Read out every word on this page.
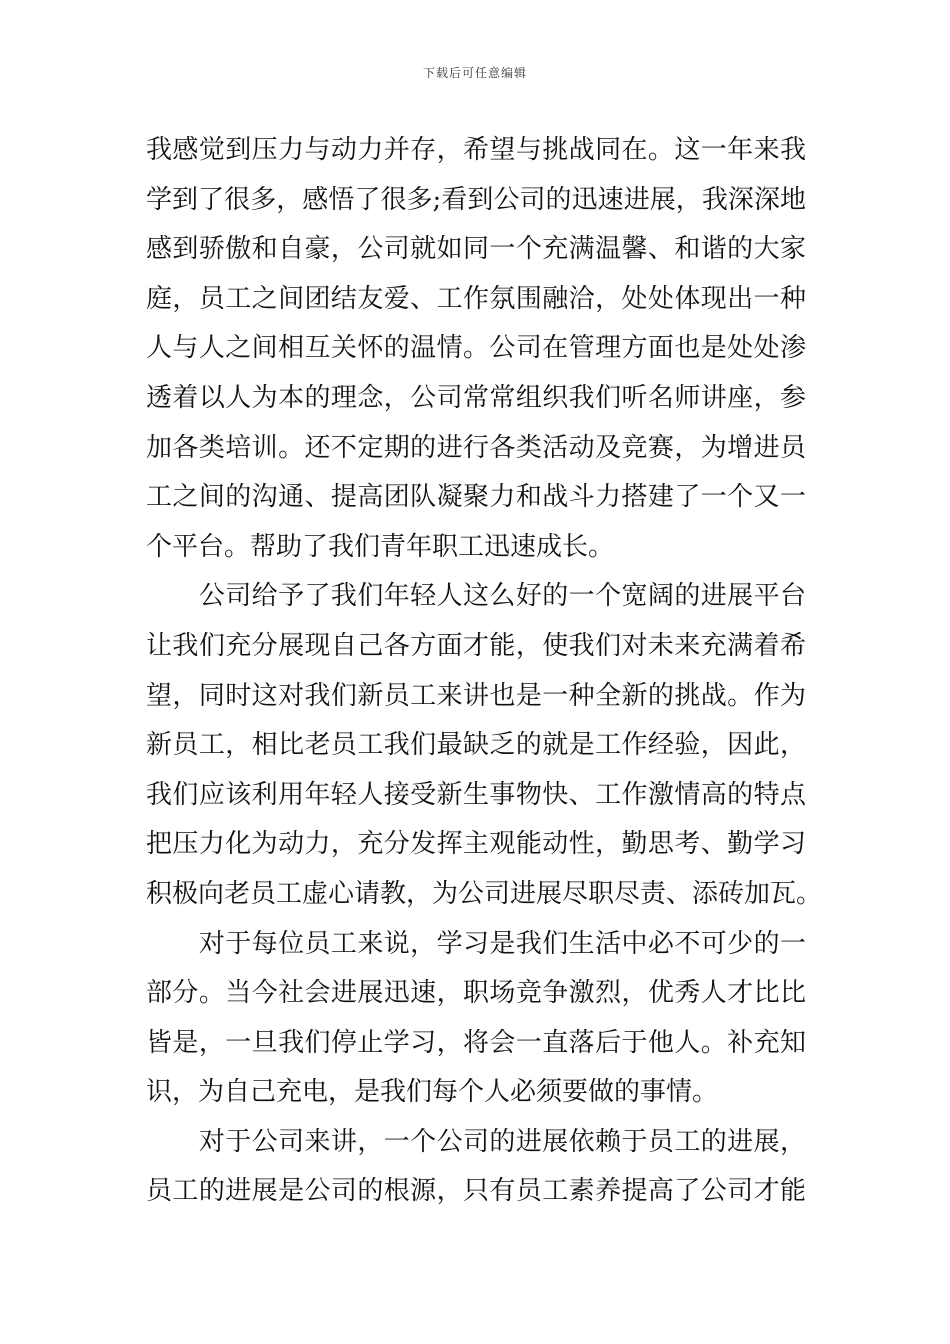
下载后可任意编辑
我感觉到压力与动力并存，希望与挑战同在。这一年来我
学到了很多，感悟了很多;看到公司的迅速进展，我深深地
感到骄傲和自豪，公司就如同一个充满温馨、和谐的大家
庭，员工之间团结友爱、工作氛围融洽，处处体现出一种
人与人之间相互关怀的温情。公司在管理方面也是处处渗
透着以人为本的理念，公司常常组织我们听名师讲座，参
加各类培训。还不定期的进行各类活动及竞赛，为增进员
工之间的沟通、提高团队凝聚力和战斗力搭建了一个又一
个平台。帮助了我们青年职工迅速成长。
　　公司给予了我们年轻人这么好的一个宽阔的进展平台
让我们充分展现自己各方面才能，使我们对未来充满着希
望，同时这对我们新员工来讲也是一种全新的挑战。作为
新员工，相比老员工我们最缺乏的就是工作经验，因此，
我们应该利用年轻人接受新生事物快、工作激情高的特点
把压力化为动力，充分发挥主观能动性，勤思考、勤学习
积极向老员工虚心请教，为公司进展尽职尽责、添砖加瓦。
　　对于每位员工来说，学习是我们生活中必不可少的一
部分。当今社会进展迅速，职场竞争激烈，优秀人才比比
皆是，一旦我们停止学习，将会一直落后于他人。补充知
识，为自己充电，是我们每个人必须要做的事情。
　　对于公司来讲，一个公司的进展依赖于员工的进展，
员工的进展是公司的根源，只有员工素养提高了公司才能
